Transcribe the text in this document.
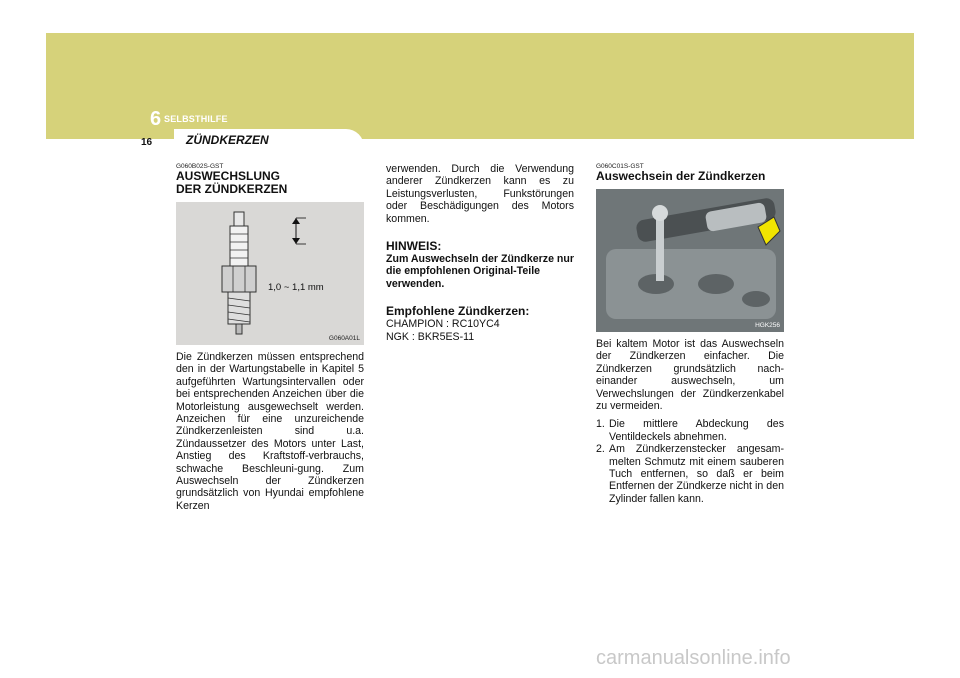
6 SELBSTHILFE
16	ZÜNDKERZEN
G060B02S-GST
AUSWECHSLUNG
DER ZÜNDKERZEN
1,0 ~ 1,1 mm
G060A01L
Die Zündkerzen müssen entsprechend den in der Wartungstabelle in Kapitel 5 aufgeführten Wartungsintervallen oder bei entsprechenden Anzeichen über die Motorleistung ausgewechselt werden. Anzeichen für eine unzureichende Zündkerzenleisten sind u.a. Zündaussetzer des Motors unter Last, Anstieg des Kraftstoff-verbrauchs, schwache Beschleuni-gung. Zum Auswechseln der Zündkerzen grundsätzlich von Hyundai empfohlene Kerzen
verwenden. Durch die Verwendung anderer Zündkerzen kann es zu Leistungsverlusten, Funkstörungen oder Beschädigungen des Motors kommen.
HINWEIS:
Zum Auswechseln der Zündkerze nur die empfohlenen Original-Teile verwenden.
Empfohlene Zündkerzen:
CHAMPION : RC10YC4
NGK : BKR5ES-11
G060C01S-GST
Auswechsein der Zündkerzen
HGK256
Bei kaltem Motor ist das Auswechseln der Zündkerzen einfacher. Die Zündkerzen grundsätzlich nach-einander auswechseln, um Verwechslungen der Zündkerzenkabel zu vermeiden.
1. Die mittlere Abdeckung des Ventildeckels abnehmen.
2. Am Zündkerzenstecker angesam-melten Schmutz mit einem sauberen Tuch entfernen, so daß er beim Entfernen der Zündkerze nicht in den Zylinder fallen kann.
carmanualsonline.info
